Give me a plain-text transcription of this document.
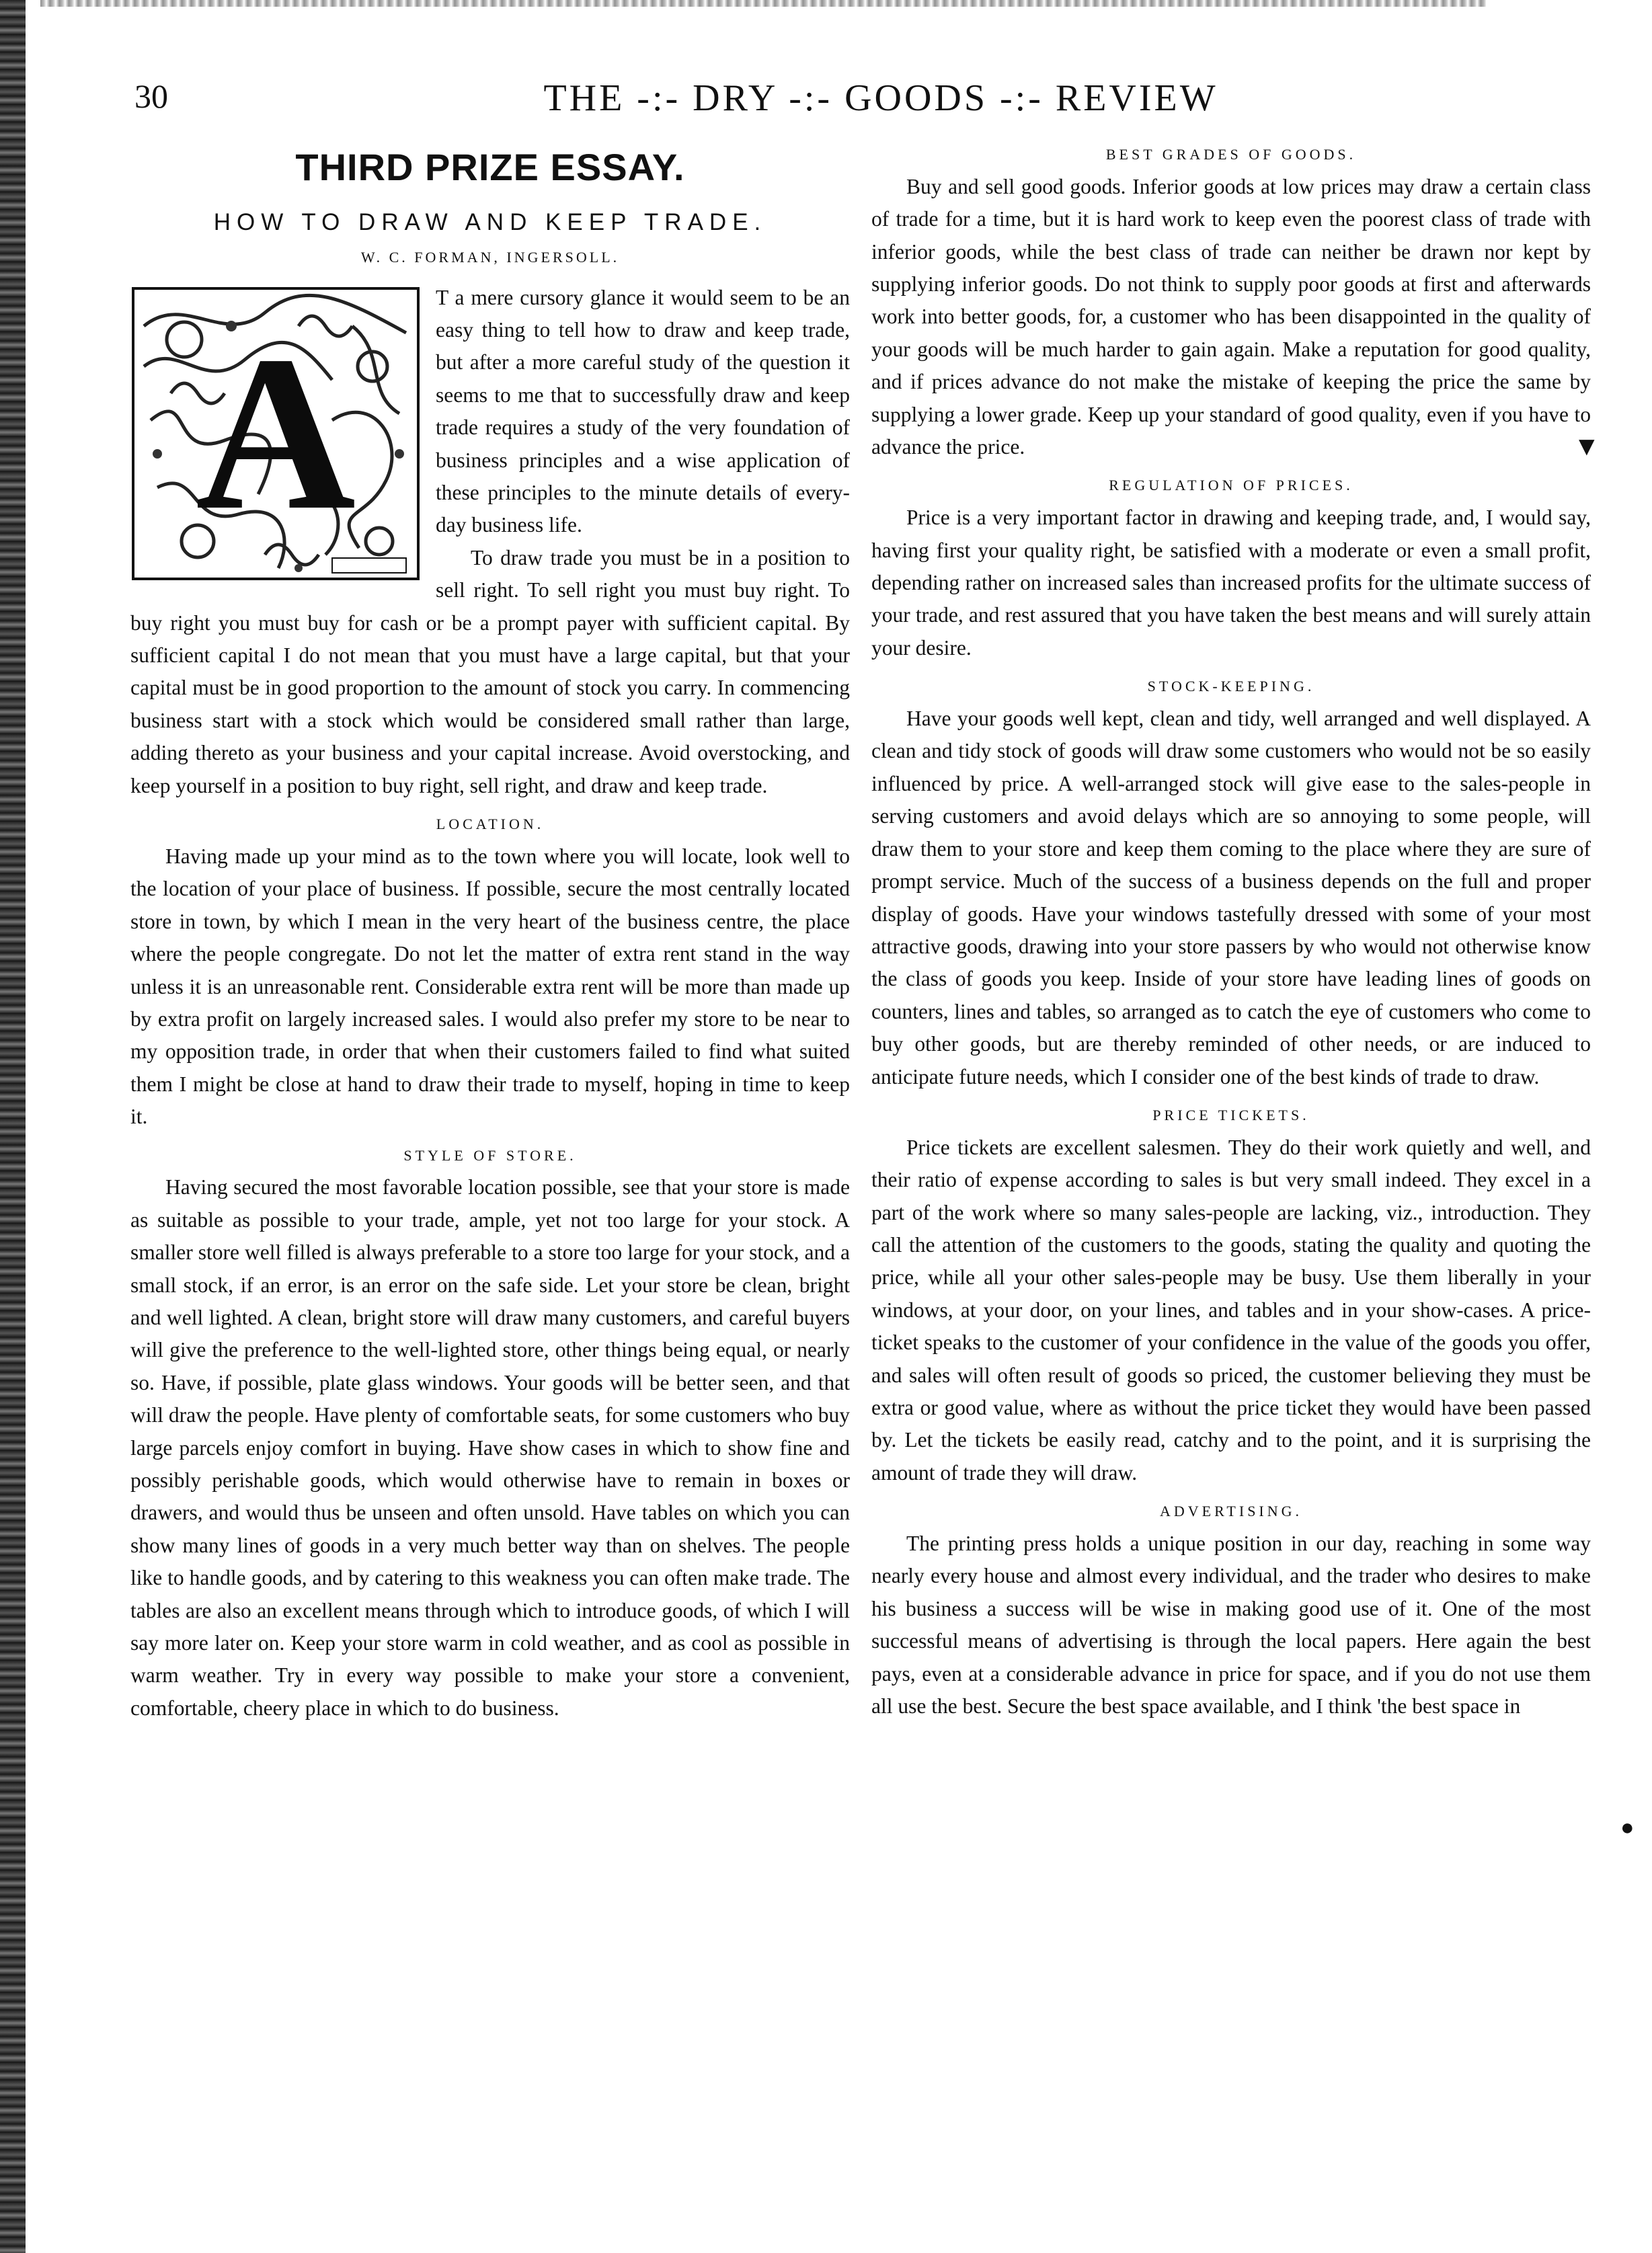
30	THE -:- DRY -:- GOODS -:- REVIEW
THIRD PRIZE ESSAY.
HOW TO DRAW AND KEEP TRADE.
W. C. FORMAN, INGERSOLL.
A

T a mere cursory glance it would seem to be an easy thing to tell how to draw and keep trade, but after a more careful study of the question it seems to me that to successfully draw and keep trade requires a study of the very foundation of business principles and a wise application of these principles to the minute details of every-day business life.

To draw trade you must be in a position to sell right. To sell right you must buy right. To buy right you must buy for cash or be a prompt payer with sufficient capital. By sufficient capital I do not mean that you must have a large capital, but that your capital must be in good proportion to the amount of stock you carry. In commencing business start with a stock which would be considered small rather than large, adding thereto as your business and your capital increase. Avoid overstocking, and keep yourself in a position to buy right, sell right, and draw and keep trade.

LOCATION.

Having made up your mind as to the town where you will locate, look well to the location of your place of business. If possible, secure the most centrally located store in town, by which I mean in the very heart of the business centre, the place where the people congregate. Do not let the matter of extra rent stand in the way unless it is an unreasonable rent. Considerable extra rent will be more than made up by extra profit on largely increased sales. I would also prefer my store to be near to my opposition trade, in order that when their customers failed to find what suited them I might be close at hand to draw their trade to myself, hoping in time to keep it.

STYLE OF STORE.

Having secured the most favorable location possible, see that your store is made as suitable as possible to your trade, ample, yet not too large for your stock. A smaller store well filled is always preferable to a store too large for your stock, and a small stock, if an error, is an error on the safe side. Let your store be clean, bright and well lighted. A clean, bright store will draw many customers, and careful buyers will give the preference to the well-lighted store, other things being equal, or nearly so. Have, if possible, plate glass windows. Your goods will be better seen, and that will draw the people. Have plenty of comfortable seats, for some customers who buy large parcels enjoy comfort in buying. Have show cases in which to show fine and possibly perishable goods, which would otherwise have to remain in boxes or drawers, and would thus be unseen and often unsold. Have tables on which you can show many lines of goods in a very much better way than on shelves. The people like to handle goods, and by catering to this weakness you can often make trade. The tables are also an excellent means through which to introduce goods, of which I will say more later on. Keep your store warm in cold weather, and as cool as possible in warm weather. Try in every way possible to make your store a convenient, comfortable, cheery place in which to do business.

BEST GRADES OF GOODS.

Buy and sell good goods. Inferior goods at low prices may draw a certain class of trade for a time, but it is hard work to keep even the poorest class of trade with inferior goods, while the best class of trade can neither be drawn nor kept by supplying inferior goods. Do not think to supply poor goods at first and afterwards work into better goods, for, a customer who has been disappointed in the quality of your goods will be much harder to gain again. Make a reputation for good quality, and if prices advance do not make the mistake of keeping the price the same by supplying a lower grade. Keep up your standard of good quality, even if you have to advance the price.

REGULATION OF PRICES.

Price is a very important factor in drawing and keeping trade, and, I would say, having first your quality right, be satisfied with a moderate or even a small profit, depending rather on increased sales than increased profits for the ultimate success of your trade, and rest assured that you have taken the best means and will surely attain your desire.

STOCK-KEEPING.

Have your goods well kept, clean and tidy, well arranged and well displayed. A clean and tidy stock of goods will draw some customers who would not be so easily influenced by price. A well-arranged stock will give ease to the sales-people in serving customers and avoid delays which are so annoying to some people, will draw them to your store and keep them coming to the place where they are sure of prompt service. Much of the success of a business depends on the full and proper display of goods. Have your windows tastefully dressed with some of your most attractive goods, drawing into your store passers by who would not otherwise know the class of goods you keep. Inside of your store have leading lines of goods on counters, lines and tables, so arranged as to catch the eye of customers who come to buy other goods, but are thereby reminded of other needs, or are induced to anticipate future needs, which I consider one of the best kinds of trade to draw.

PRICE TICKETS.

Price tickets are excellent salesmen. They do their work quietly and well, and their ratio of expense according to sales is but very small indeed. They excel in a part of the work where so many sales-people are lacking, viz., introduction. They call the attention of the customers to the goods, stating the quality and quoting the price, while all your other sales-people may be busy. Use them liberally in your windows, at your door, on your lines, and tables and in your show-cases. A price-ticket speaks to the customer of your confidence in the value of the goods you offer, and sales will often result of goods so priced, the customer believing they must be extra or good value, where as without the price ticket they would have been passed by. Let the tickets be easily read, catchy and to the point, and it is surprising the amount of trade they will draw.

ADVERTISING.

The printing press holds a unique position in our day, reaching in some way nearly every house and almost every individual, and the trader who desires to make his business a success will be wise in making good use of it. One of the most successful means of advertising is through the local papers. Here again the best pays, even at a considerable advance in price for space, and if you do not use them all use the best. Secure the best space available, and I think 'the best space in

▼
●
